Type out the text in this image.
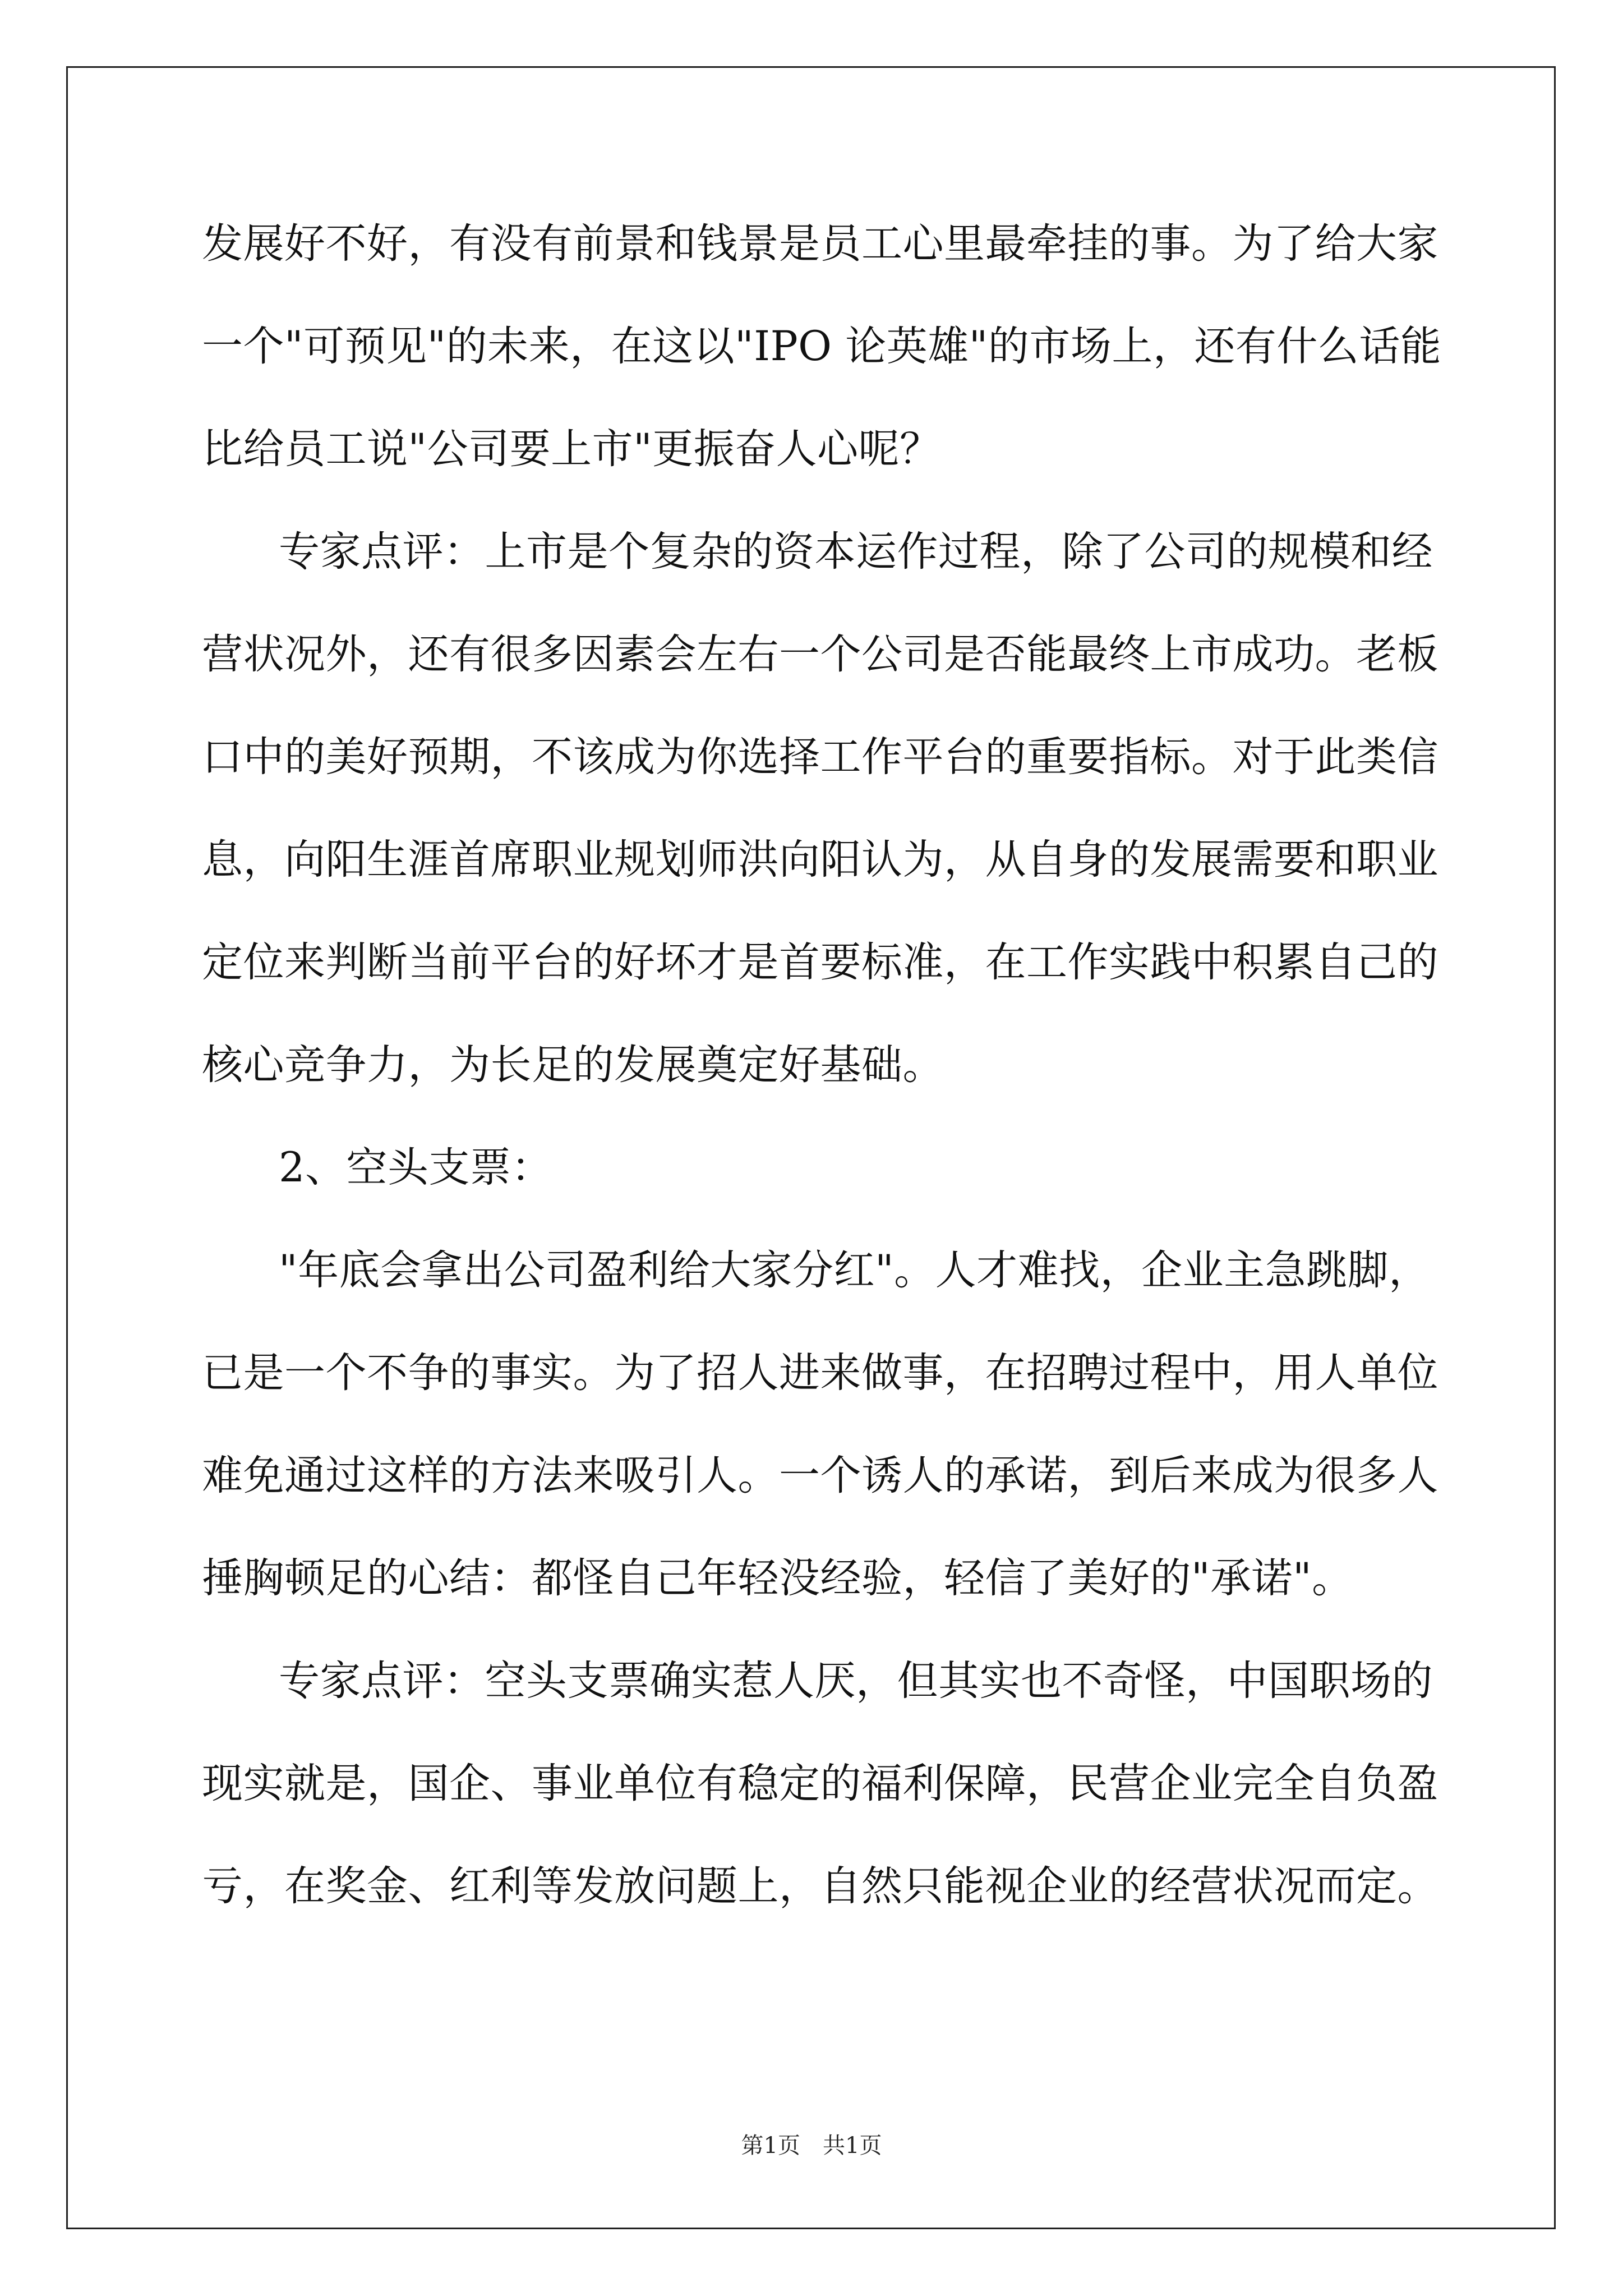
发展好不好，有没有前景和钱景是员工心里最牵挂的事。为了给大家
一个"可预见"的未来，在这以"IPO 论英雄"的市场上，还有什么话能
比给员工说"公司要上市"更振奋人心呢？
专家点评：上市是个复杂的资本运作过程，除了公司的规模和经
营状况外，还有很多因素会左右一个公司是否能最终上市成功。老板
口中的美好预期，不该成为你选择工作平台的重要指标。对于此类信
息，向阳生涯首席职业规划师洪向阳认为，从自身的发展需要和职业
定位来判断当前平台的好坏才是首要标准，在工作实践中积累自己的
核心竞争力，为长足的发展奠定好基础。
2、空头支票：
"年底会拿出公司盈利给大家分红"。人才难找，企业主急跳脚，
已是一个不争的事实。为了招人进来做事，在招聘过程中，用人单位
难免通过这样的方法来吸引人。一个诱人的承诺，到后来成为很多人
捶胸顿足的心结：都怪自己年轻没经验，轻信了美好的"承诺"。
专家点评：空头支票确实惹人厌，但其实也不奇怪，中国职场的
现实就是，国企、事业单位有稳定的福利保障，民营企业完全自负盈
亏，在奖金、红利等发放问题上，自然只能视企业的经营状况而定。
第1页　共1页
